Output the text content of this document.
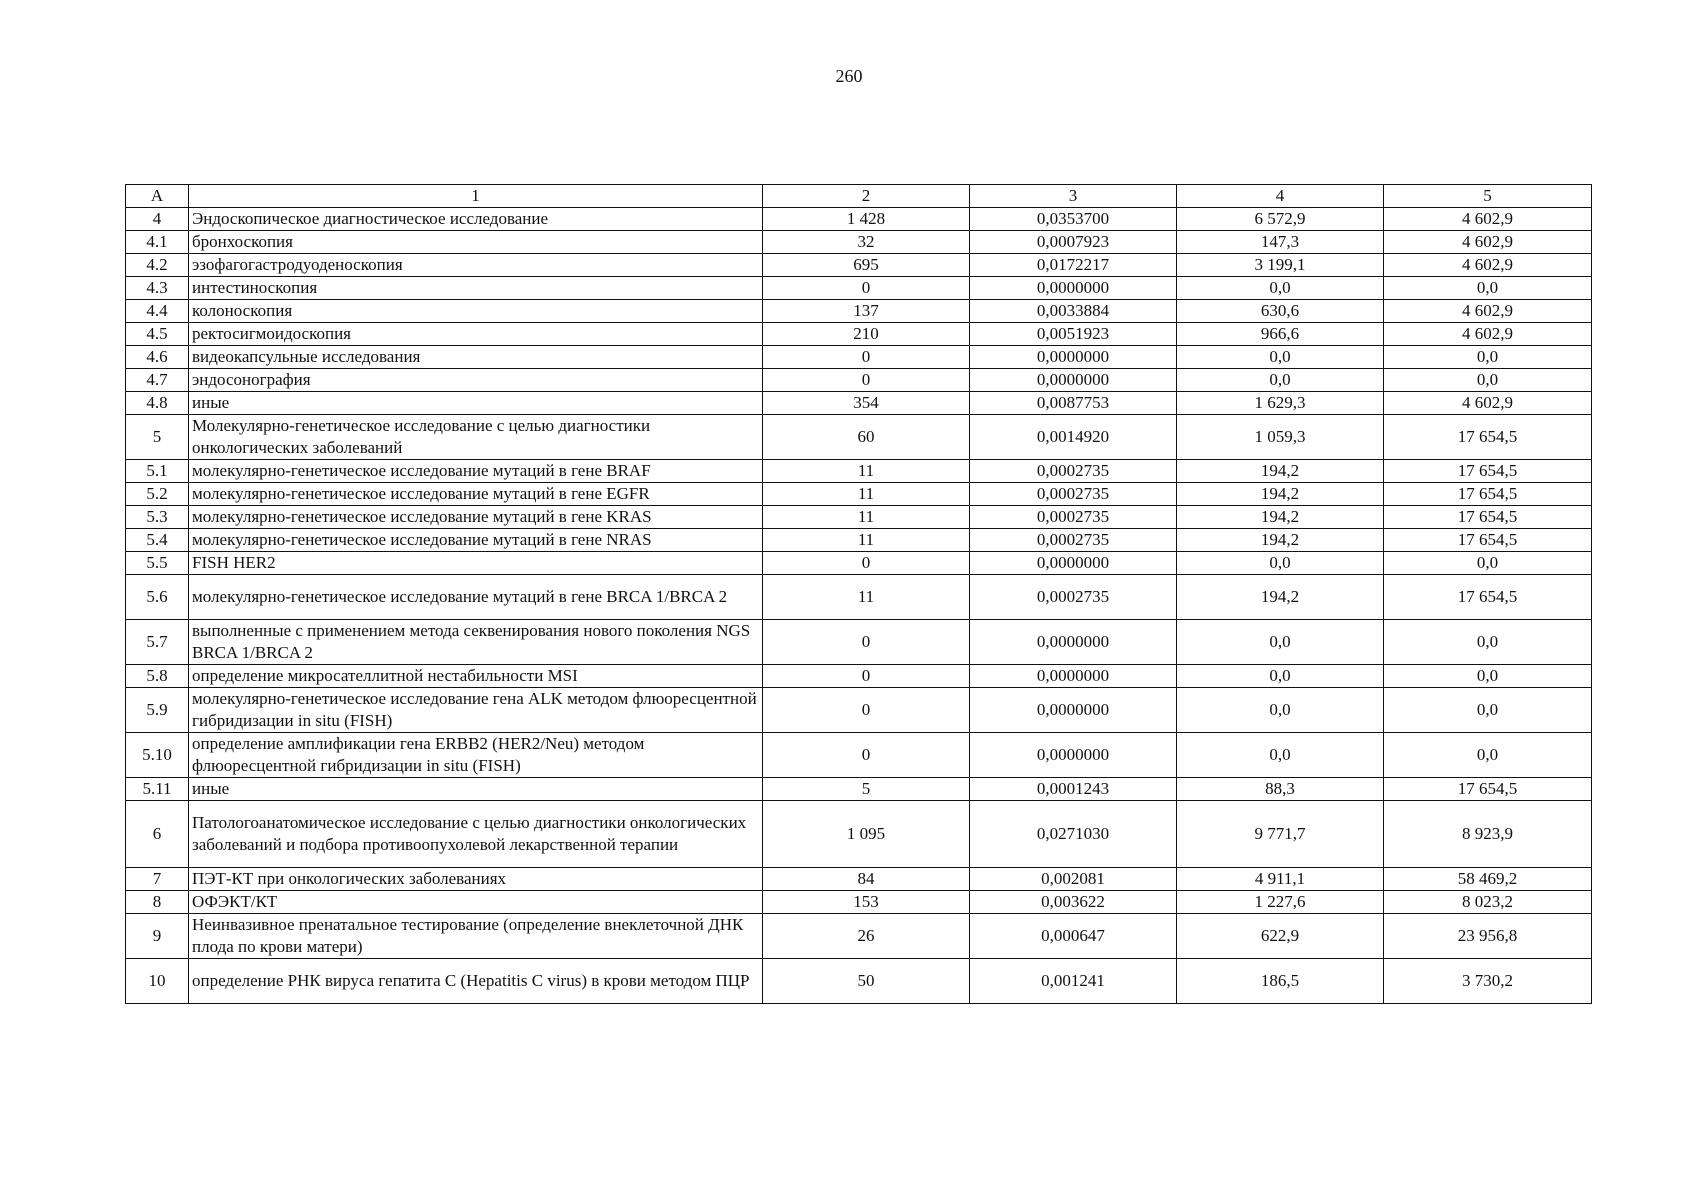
260
А	1	2	3	4	5
4	Эндоскопическое диагностическое исследование	1 428	0,0353700	6 572,9	4 602,9
4.1	бронхоскопия	32	0,0007923	147,3	4 602,9
4.2	эзофагогастродуоденоскопия	695	0,0172217	3 199,1	4 602,9
4.3	интестиноскопия	0	0,0000000	0,0	0,0
4.4	колоноскопия	137	0,0033884	630,6	4 602,9
4.5	ректосигмоидоскопия	210	0,0051923	966,6	4 602,9
4.6	видеокапсульные исследования	0	0,0000000	0,0	0,0
4.7	эндосонография	0	0,0000000	0,0	0,0
4.8	иные	354	0,0087753	1 629,3	4 602,9
5	Молекулярно-генетическое исследование с целью диагностики онкологических заболеваний	60	0,0014920	1 059,3	17 654,5
5.1	молекулярно-генетическое исследование мутаций в гене BRAF	11	0,0002735	194,2	17 654,5
5.2	молекулярно-генетическое исследование мутаций в гене EGFR	11	0,0002735	194,2	17 654,5
5.3	молекулярно-генетическое исследование мутаций в гене KRAS	11	0,0002735	194,2	17 654,5
5.4	молекулярно-генетическое исследование мутаций в гене NRAS	11	0,0002735	194,2	17 654,5
5.5	FISH HER2	0	0,0000000	0,0	0,0
5.6	молекулярно-генетическое исследование мутаций в гене BRCA 1/BRCA 2	11	0,0002735	194,2	17 654,5
5.7	выполненные с применением метода секвенирования нового поколения NGS BRCA 1/BRCA 2	0	0,0000000	0,0	0,0
5.8	определение микросателлитной нестабильности MSI	0	0,0000000	0,0	0,0
5.9	молекулярно-генетическое исследование гена ALK методом флюоресцентной гибридизации in situ (FISH)	0	0,0000000	0,0	0,0
5.10	определение амплификации гена ERBB2 (HER2/Neu) методом флюоресцентной гибридизации in situ (FISH)	0	0,0000000	0,0	0,0
5.11	иные	5	0,0001243	88,3	17 654,5
6	Патологоанатомическое исследование с целью диагностики онкологических заболеваний и подбора противоопухолевой лекарственной терапии	1 095	0,0271030	9 771,7	8 923,9
7	ПЭТ-КТ при онкологических заболеваниях	84	0,002081	4 911,1	58 469,2
8	ОФЭКТ/КТ	153	0,003622	1 227,6	8 023,2
9	Неинвазивное пренатальное тестирование (определение внеклеточной ДНК плода по крови матери)	26	0,000647	622,9	23 956,8
10	определение РНК вируса гепатита С (Hepatitis C virus) в крови методом ПЦР	50	0,001241	186,5	3 730,2
